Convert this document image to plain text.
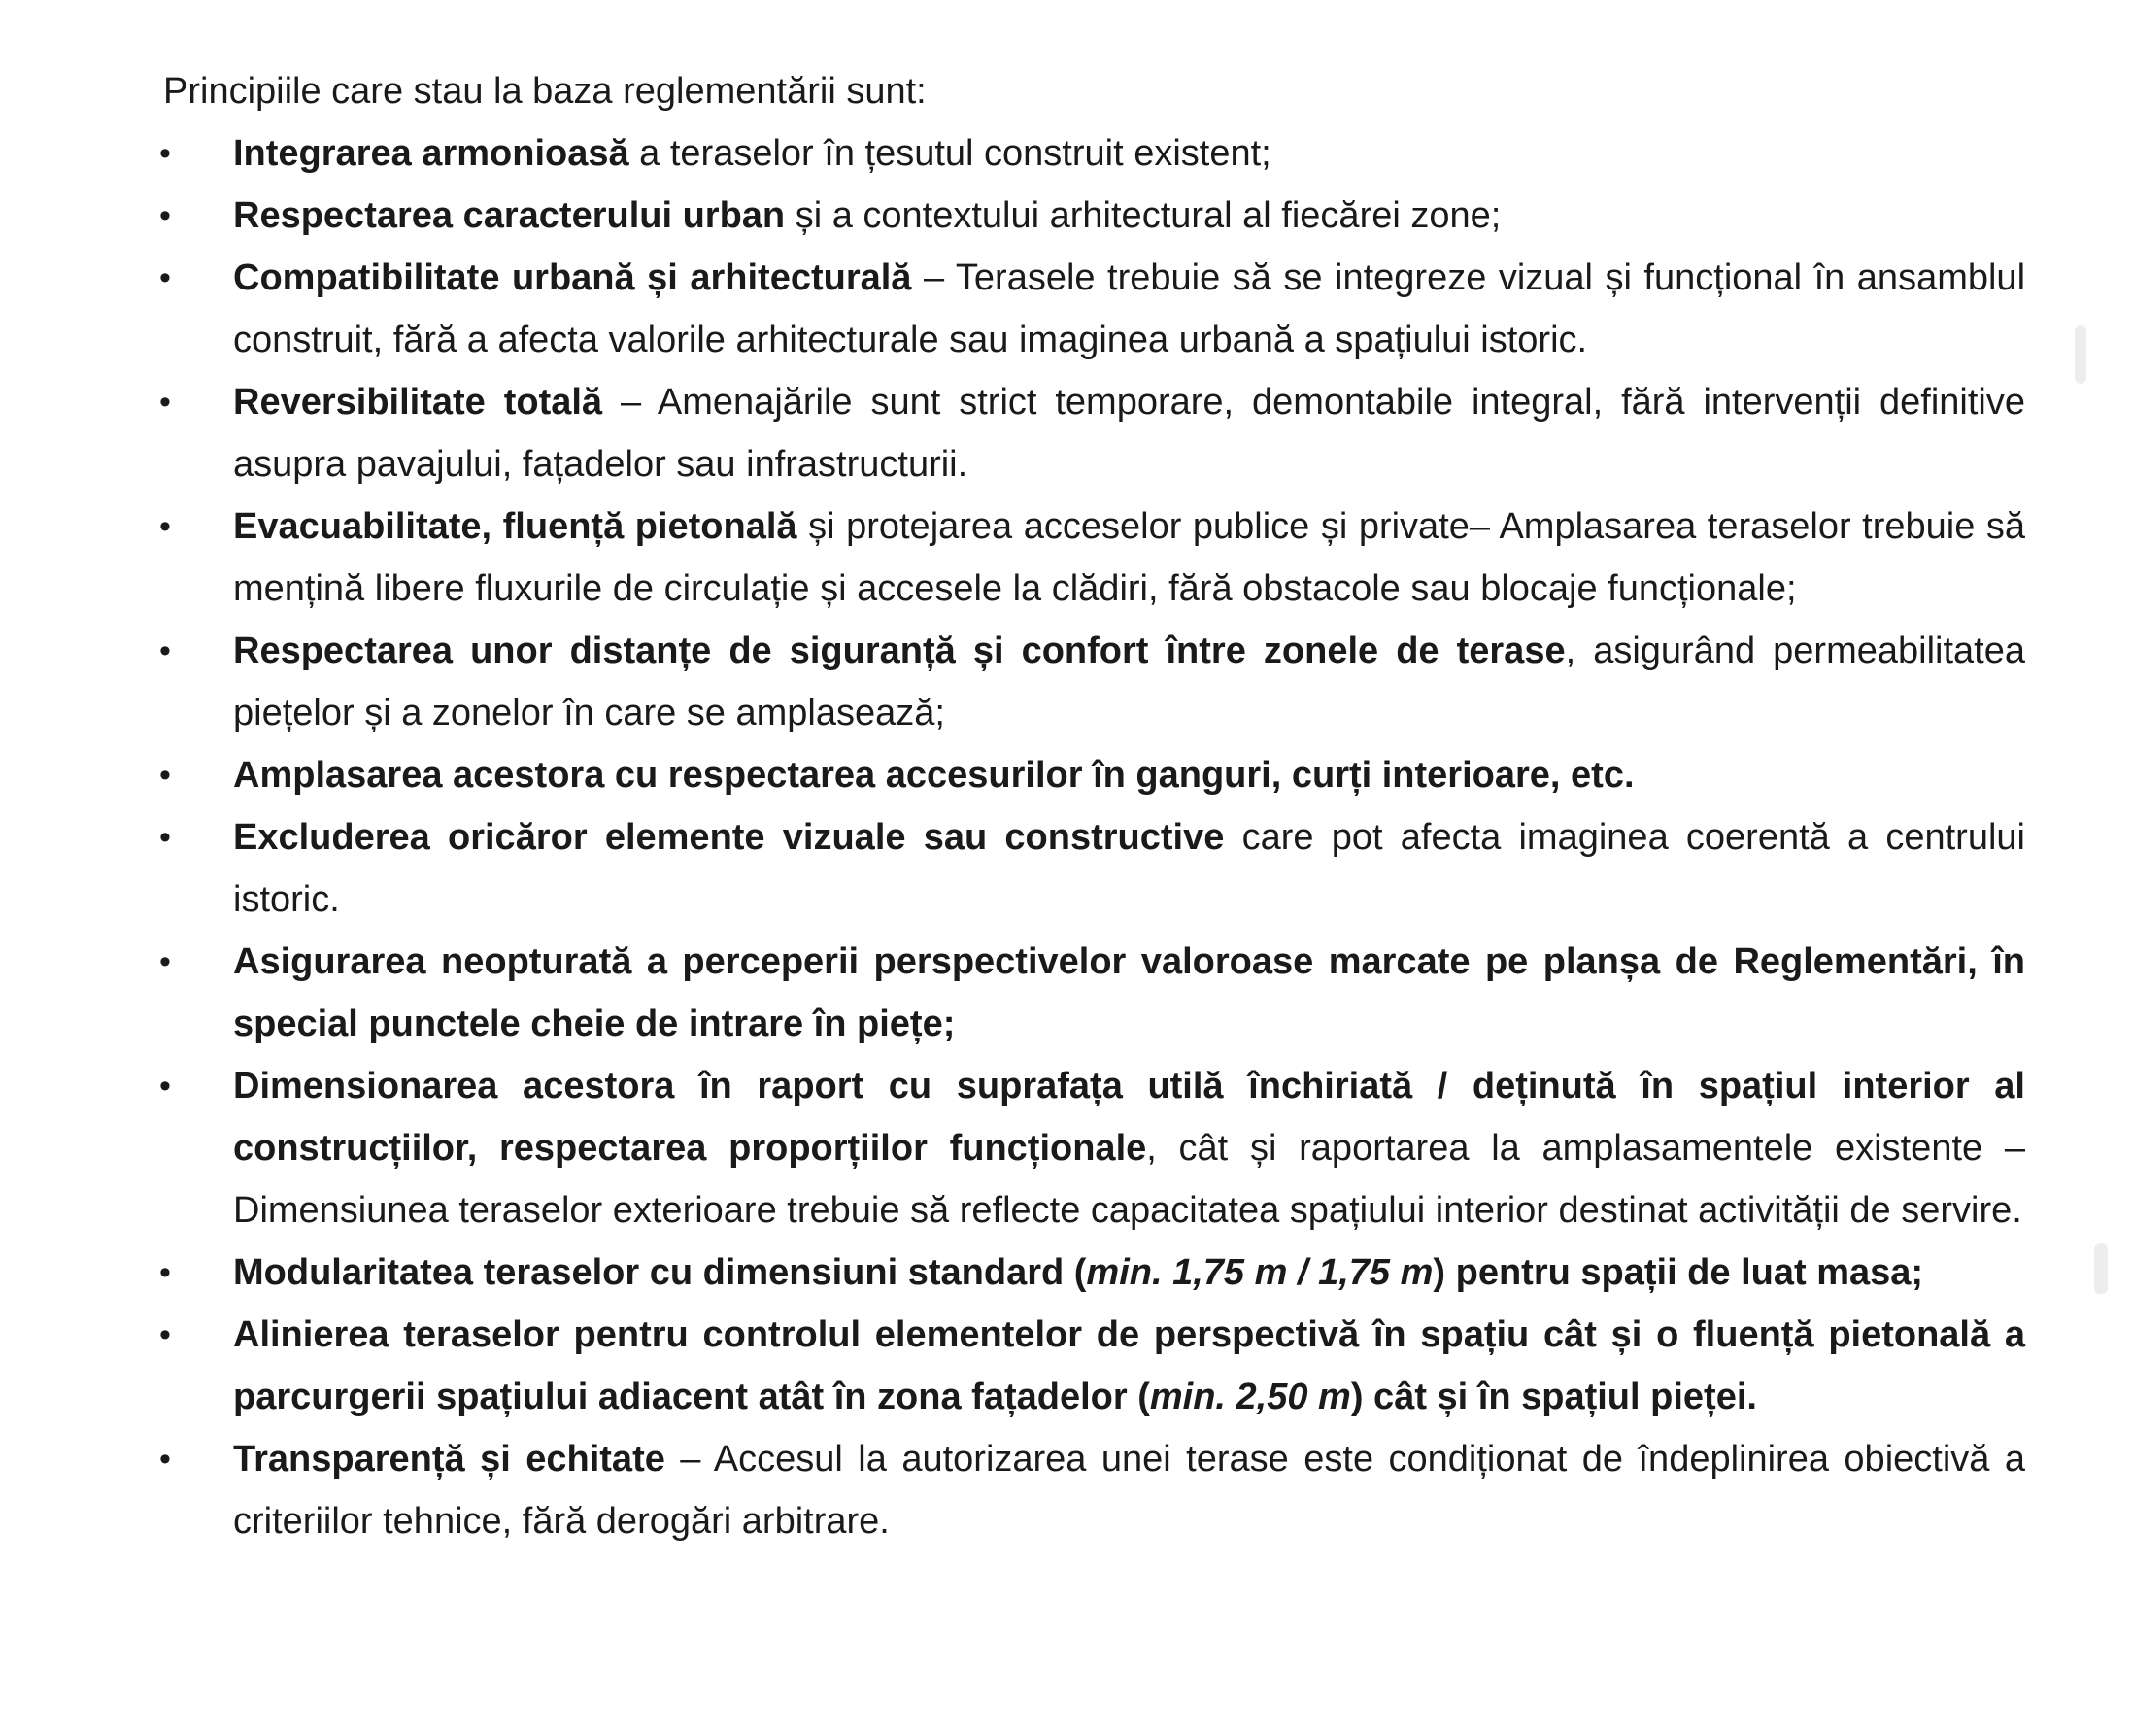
Principiile care stau la baza reglementării sunt:
• Integrarea armonioasă a teraselor în țesutul construit existent;
• Respectarea caracterului urban și a contextului arhitectural al fiecărei zone;
• Compatibilitate urbană și arhitecturală – Terasele trebuie să se integreze vizual și funcțional în ansamblul construit, fără a afecta valorile arhitecturale sau imaginea urbană a spațiului istoric.
• Reversibilitate totală – Amenajările sunt strict temporare, demontabile integral, fără intervenții definitive asupra pavajului, fațadelor sau infrastructurii.
• Evacuabilitate, fluență pietonală și protejarea acceselor publice și private– Amplasarea teraselor trebuie să mențină libere fluxurile de circulație și accesele la clădiri, fără obstacole sau blocaje funcționale;
• Respectarea unor distanțe de siguranță și confort între zonele de terase, asigurând permeabilitatea piețelor și a zonelor în care se amplasează;
• Amplasarea acestora cu respectarea accesurilor în ganguri, curți interioare, etc.
• Excluderea oricăror elemente vizuale sau constructive care pot afecta imaginea coerentă a centrului istoric.
• Asigurarea neopturată a perceperii perspectivelor valoroase marcate pe planșa de Reglementări, în special punctele cheie de intrare în piețe;
• Dimensionarea acestora în raport cu suprafața utilă închiriată / deținută în spațiul interior al construcțiilor, respectarea proporțiilor funcționale, cât și raportarea la amplasamentele existente – Dimensiunea teraselor exterioare trebuie să reflecte capacitatea spațiului interior destinat activității de servire.
• Modularitatea teraselor cu dimensiuni standard (min. 1,75 m / 1,75 m) pentru spații de luat masa;
• Alinierea teraselor pentru controlul elementelor de perspectivă în spațiu cât și o fluență pietonală a parcurgerii spațiului adiacent atât în zona fațadelor (min. 2,50 m) cât și în spațiul pieței.
• Transparență și echitate – Accesul la autorizarea unei terase este condiționat de îndeplinirea obiectivă a criteriilor tehnice, fără derogări arbitrare.
